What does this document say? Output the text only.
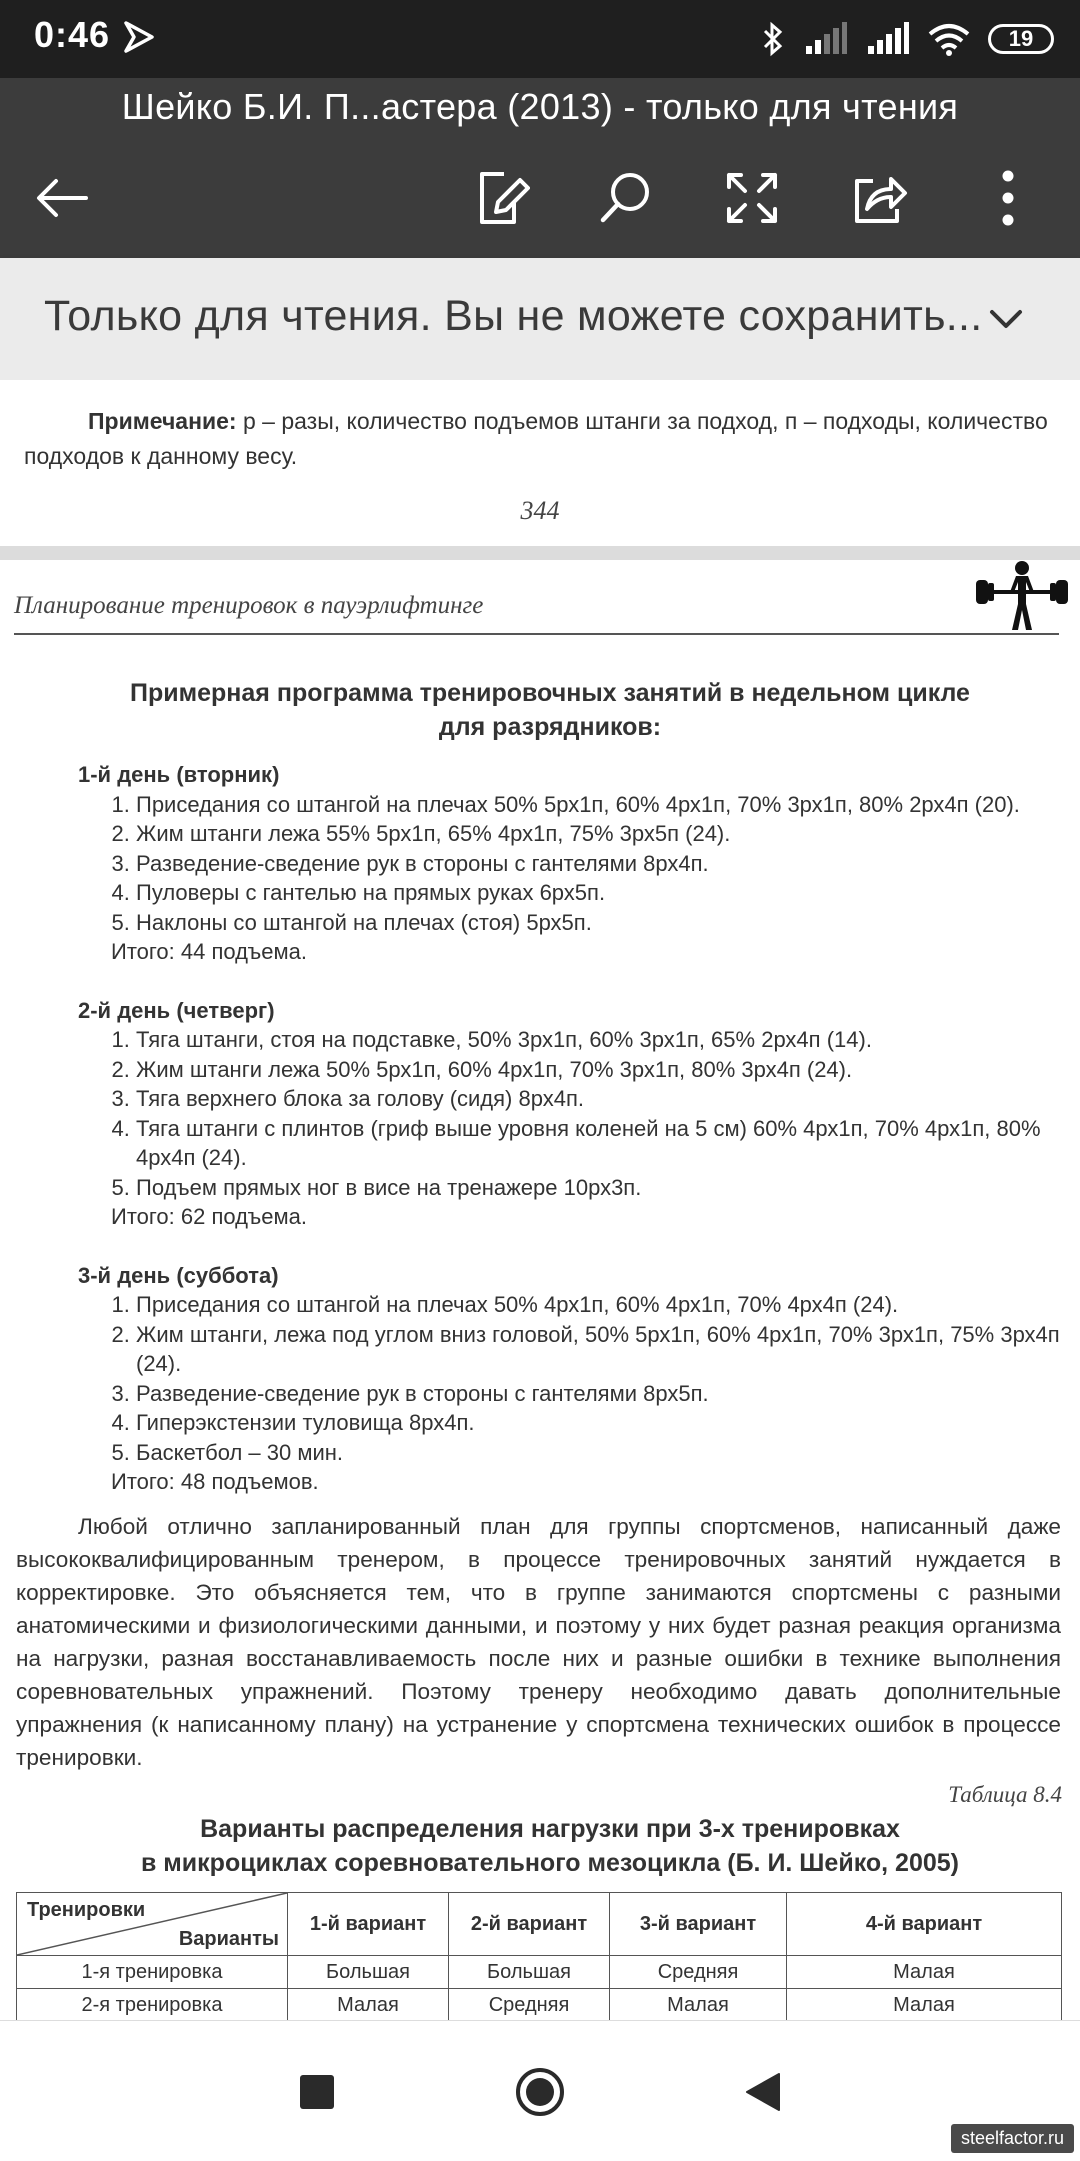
0:46	19
Шейко Б.И. П...астера (2013) - только для чтения
Только для чтения. Вы не можете сохранить...
Примечание: р – разы, количество подъемов штанги за подход, п – подходы, количество подходов к данному весу.
344
Планирование тренировок в пауэрлифтинге
Примерная программа тренировочных занятий в недельном цикле
для разрядников:
1-й день (вторник)
1. Приседания со штангой на плечах 50% 5рх1п, 60% 4рх1п, 70% 3рх1п, 80% 2рх4п (20).
2. Жим штанги лежа 55% 5рх1п, 65% 4рх1п, 75% 3рх5п (24).
3. Разведение-сведение рук в стороны с гантелями 8рх4п.
4. Пуловеры с гантелью на прямых руках 6рх5п.
5. Наклоны со штангой на плечах (стоя) 5рх5п.
Итого: 44 подъема.
2-й день (четверг)
1. Тяга штанги, стоя на подставке, 50% 3рх1п, 60% 3рх1п, 65% 2рх4п (14).
2. Жим штанги лежа 50% 5рх1п, 60% 4рх1п, 70% 3рх1п, 80% 3рх4п (24).
3. Тяга верхнего блока за голову (сидя) 8рх4п.
4. Тяга штанги с плинтов (гриф выше уровня коленей на 5 см) 60% 4рх1п, 70% 4рх1п, 80% 4рх4п (24).
5. Подъем прямых ног в висе на тренажере 10рх3п.
Итого: 62 подъема.
3-й день (суббота)
1. Приседания со штангой на плечах 50% 4рх1п, 60% 4рх1п, 70% 4рх4п (24).
2. Жим штанги, лежа под углом вниз головой, 50% 5рх1п, 60% 4рх1п, 70% 3рх1п, 75% 3рх4п (24).
3. Разведение-сведение рук в стороны с гантелями 8рх5п.
4. Гиперэкстензии туловища 8рх4п.
5. Баскетбол – 30 мин.
Итого: 48 подъемов.
Любой отлично запланированный план для группы спортсменов, написанный даже высококвалифицированным тренером, в процессе тренировочных занятий нуждается в корректировке. Это объясняется тем, что в группе занимаются спортсмены с разными анатомическими и физиологическими данными, и поэтому у них будет разная реакция организма на нагрузки, разная восстанавливаемость после них и разные ошибки в технике выполнения соревновательных упражнений. Поэтому тренеру необходимо давать дополнительные упражнения (к написанному плану) на устранение у спортсмена технических ошибок в процессе тренировки.
Таблица 8.4
Варианты распределения нагрузки при 3-х тренировках
в микроциклах соревновательного мезоцикла (Б. И. Шейко, 2005)
Тренировки
Варианты	1-й вариант	2-й вариант	3-й вариант	4-й вариант
1-я тренировка	Большая	Большая	Средняя	Малая
2-я тренировка	Малая	Средняя	Малая	Малая
steelfactor.ru
